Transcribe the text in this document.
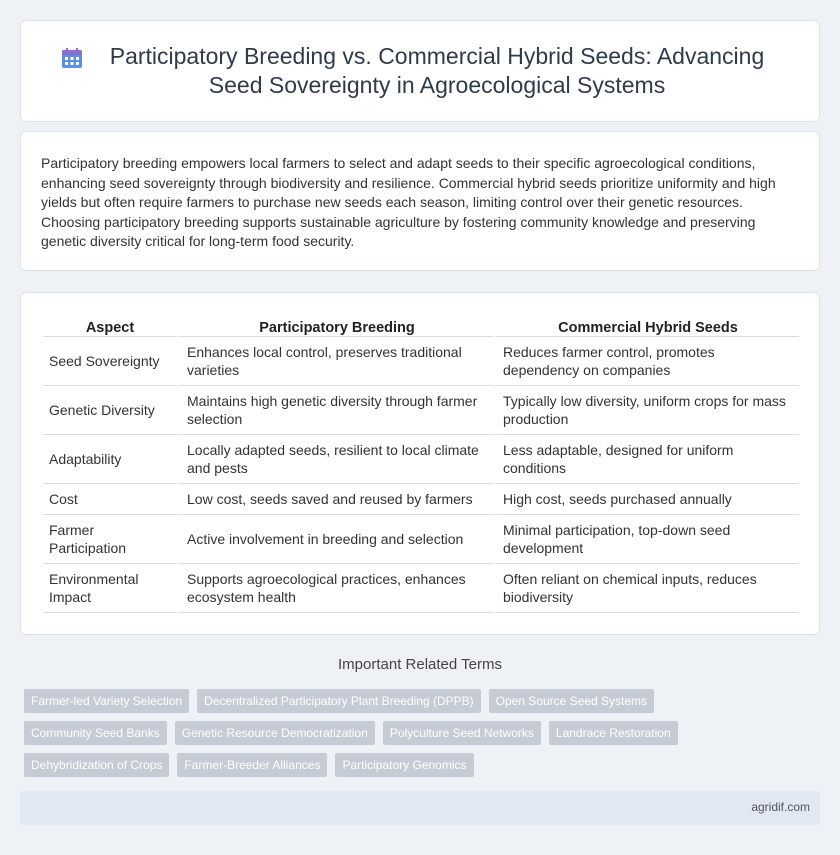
Participatory Breeding vs. Commercial Hybrid Seeds: Advancing Seed Sovereignty in Agroecological Systems

Participatory breeding empowers local farmers to select and adapt seeds to their specific agroecological conditions, enhancing seed sovereignty through biodiversity and resilience. Commercial hybrid seeds prioritize uniformity and high yields but often require farmers to purchase new seeds each season, limiting control over their genetic resources. Choosing participatory breeding supports sustainable agriculture by fostering community knowledge and preserving genetic diversity critical for long-term food security.

Aspect	Participatory Breeding	Commercial Hybrid Seeds
Seed Sovereignty	Enhances local control, preserves traditional varieties	Reduces farmer control, promotes dependency on companies
Genetic Diversity	Maintains high genetic diversity through farmer selection	Typically low diversity, uniform crops for mass production
Adaptability	Locally adapted seeds, resilient to local climate and pests	Less adaptable, designed for uniform conditions
Cost	Low cost, seeds saved and reused by farmers	High cost, seeds purchased annually
Farmer Participation	Active involvement in breeding and selection	Minimal participation, top-down seed development
Environmental Impact	Supports agroecological practices, enhances ecosystem health	Often reliant on chemical inputs, reduces biodiversity
Important Related Terms
Farmer-led Variety Selection	Decentralized Participatory Plant Breeding (DPPB)	Open Source Seed Systems
Community Seed Banks	Genetic Resource Democratization	Polyculture Seed Networks	Landrace Restoration
Dehybridization of Crops	Farmer-Breeder Alliances	Participatory Genomics
agridif.com
